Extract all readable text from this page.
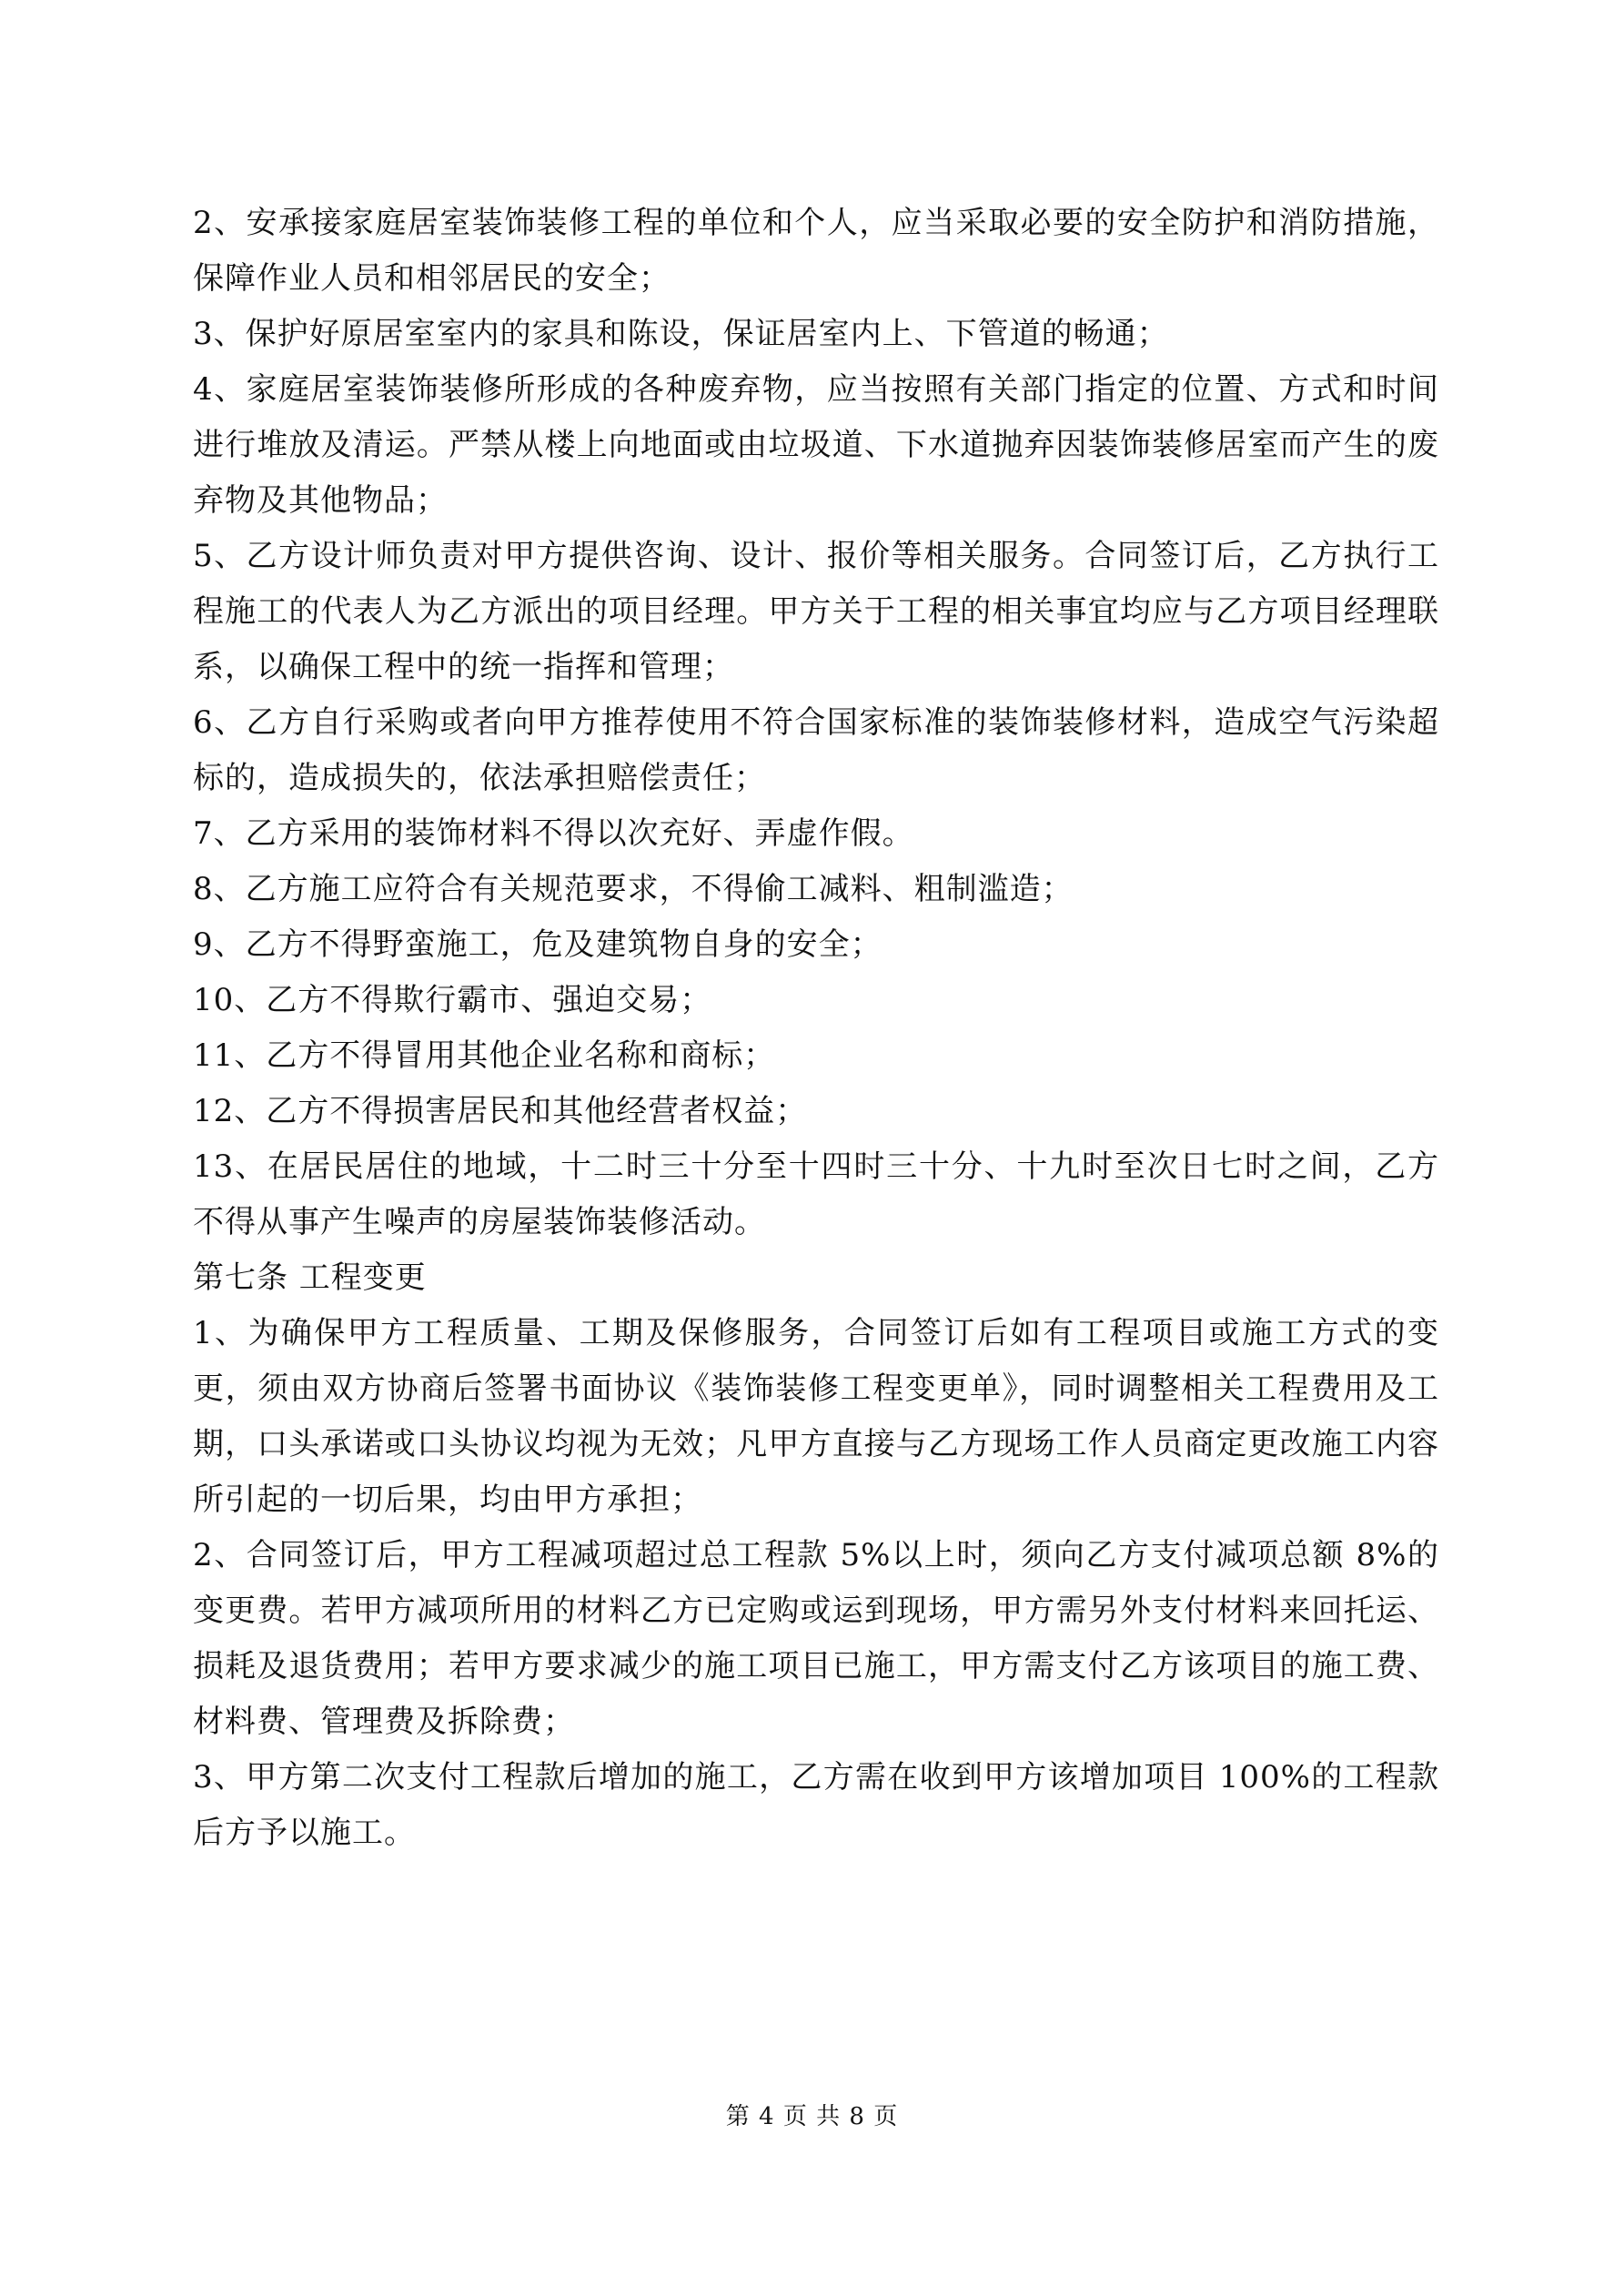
2、安承接家庭居室装饰装修工程的单位和个人，应当采取必要的安全防护和消防措施，保障作业人员和相邻居民的安全；

3、保护好原居室室内的家具和陈设，保证居室内上、下管道的畅通；

4、家庭居室装饰装修所形成的各种废弃物，应当按照有关部门指定的位置、方式和时间进行堆放及清运。严禁从楼上向地面或由垃圾道、下水道抛弃因装饰装修居室而产生的废弃物及其他物品；

5、乙方设计师负责对甲方提供咨询、设计、报价等相关服务。合同签订后，乙方执行工程施工的代表人为乙方派出的项目经理。甲方关于工程的相关事宜均应与乙方项目经理联系，以确保工程中的统一指挥和管理；

6、乙方自行采购或者向甲方推荐使用不符合国家标准的装饰装修材料，造成空气污染超标的，造成损失的，依法承担赔偿责任；

7、乙方采用的装饰材料不得以次充好、弄虚作假。

8、乙方施工应符合有关规范要求，不得偷工减料、粗制滥造；

9、乙方不得野蛮施工，危及建筑物自身的安全；

10、乙方不得欺行霸市、强迫交易；

11、乙方不得冒用其他企业名称和商标；

12、乙方不得损害居民和其他经营者权益；

13、在居民居住的地域，十二时三十分至十四时三十分、十九时至次日七时之间，乙方不得从事产生噪声的房屋装饰装修活动。

第七条 工程变更

1、为确保甲方工程质量、工期及保修服务，合同签订后如有工程项目或施工方式的变更，须由双方协商后签署书面协议《装饰装修工程变更单》，同时调整相关工程费用及工期，口头承诺或口头协议均视为无效；凡甲方直接与乙方现场工作人员商定更改施工内容所引起的一切后果，均由甲方承担；

2、合同签订后，甲方工程减项超过总工程款 5%以上时，须向乙方支付减项总额 8%的变更费。若甲方减项所用的材料乙方已定购或运到现场，甲方需另外支付材料来回托运、损耗及退货费用；若甲方要求减少的施工项目已施工，甲方需支付乙方该项目的施工费、材料费、管理费及拆除费；

3、甲方第二次支付工程款后增加的施工，乙方需在收到甲方该增加项目 100%的工程款后方予以施工。

第 4 页 共 8 页
